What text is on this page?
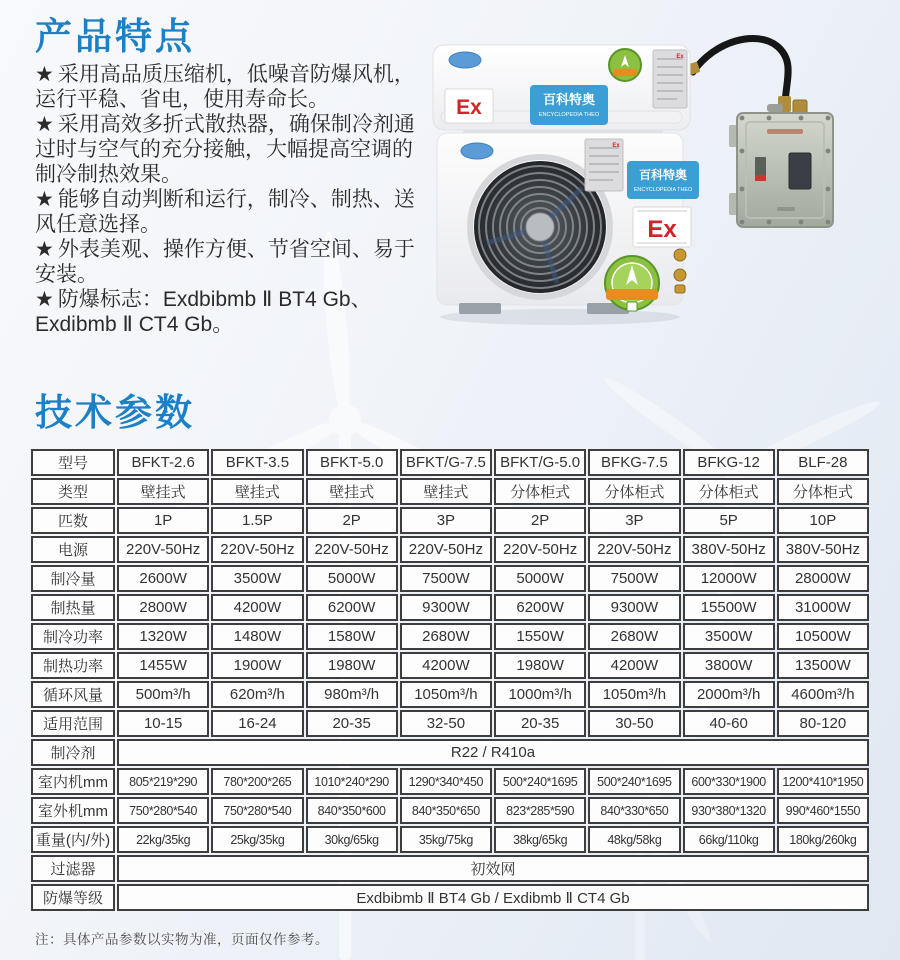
产品特点
★ 采用高品质压缩机，低噪音防爆风机，运行平稳、省电，使用寿命长。
★ 采用高效多折式散热器，确保制冷剂通过时与空气的充分接触，大幅提高空调的制冷制热效果。
★ 能够自动判断和运行，制冷、制热、送风任意选择。
★ 外表美观、操作方便、节省空间、易于安装。
★ 防爆标志：Exdbibmb Ⅱ BT4 Gb、Exdibmb Ⅱ CT4 Gb。
Ex	百科特奥
ENCYCLOPEDIA THEO
Ex
Ex
百科特奥
ENCYCLOPEDIA THEO
Ex
技术参数
型号	BFKT-2.6	BFKT-3.5	BFKT-5.0	BFKT/G-7.5	BFKT/G-5.0	BFKG-7.5	BFKG-12	BLF-28
类型	壁挂式	壁挂式	壁挂式	壁挂式	分体柜式	分体柜式	分体柜式	分体柜式
匹数	1P	1.5P	2P	3P	2P	3P	5P	10P
电源	220V-50Hz	220V-50Hz	220V-50Hz	220V-50Hz	220V-50Hz	220V-50Hz	380V-50Hz	380V-50Hz
制冷量	2600W	3500W	5000W	7500W	5000W	7500W	12000W	28000W
制热量	2800W	4200W	6200W	9300W	6200W	9300W	15500W	31000W
制冷功率	1320W	1480W	1580W	2680W	1550W	2680W	3500W	10500W
制热功率	1455W	1900W	1980W	4200W	1980W	4200W	3800W	13500W
循环风量	500m³/h	620m³/h	980m³/h	1050m³/h	1000m³/h	1050m³/h	2000m³/h	4600m³/h
适用范围	10-15	16-24	20-35	32-50	20-35	30-50	40-60	80-120
制冷剂	R22 / R410a							
室内机mm	805*219*290	780*200*265	1010*240*290	1290*340*450	500*240*1695	500*240*1695	600*330*1900	1200*410*1950
室外机mm	750*280*540	750*280*540	840*350*600	840*350*650	823*285*590	840*330*650	930*380*1320	990*460*1550
重量(内/外)	22kg/35kg	25kg/35kg	30kg/65kg	35kg/75kg	38kg/65kg	48kg/58kg	66kg/110kg	180kg/260kg
过滤器	初效网							
防爆等级	Exdbibmb Ⅱ BT4 Gb / Exdibmb Ⅱ CT4 Gb							

注：具体产品参数以实物为准，页面仅作参考。
